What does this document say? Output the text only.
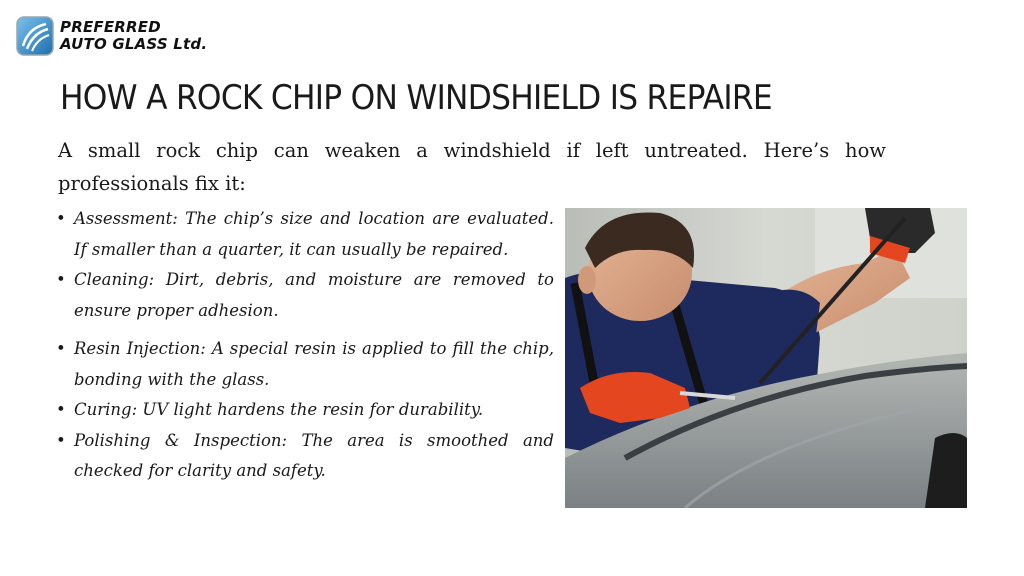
PREFERRED
AUTO GLASS Ltd.
HOW A ROCK CHIP ON WINDSHIELD IS REPAIRE
A small rock chip can weaken a windshield if left untreated. Here’s how professionals fix it:
• Assessment: The chip’s size and location are evaluated. If smaller than a quarter, it can usually be repaired.
• Cleaning: Dirt, debris, and moisture are removed to ensure proper adhesion.
• Resin Injection: A special resin is applied to fill the chip, bonding with the glass.
• Curing: UV light hardens the resin for durability.
• Polishing & Inspection: The area is smoothed and checked for clarity and safety.
